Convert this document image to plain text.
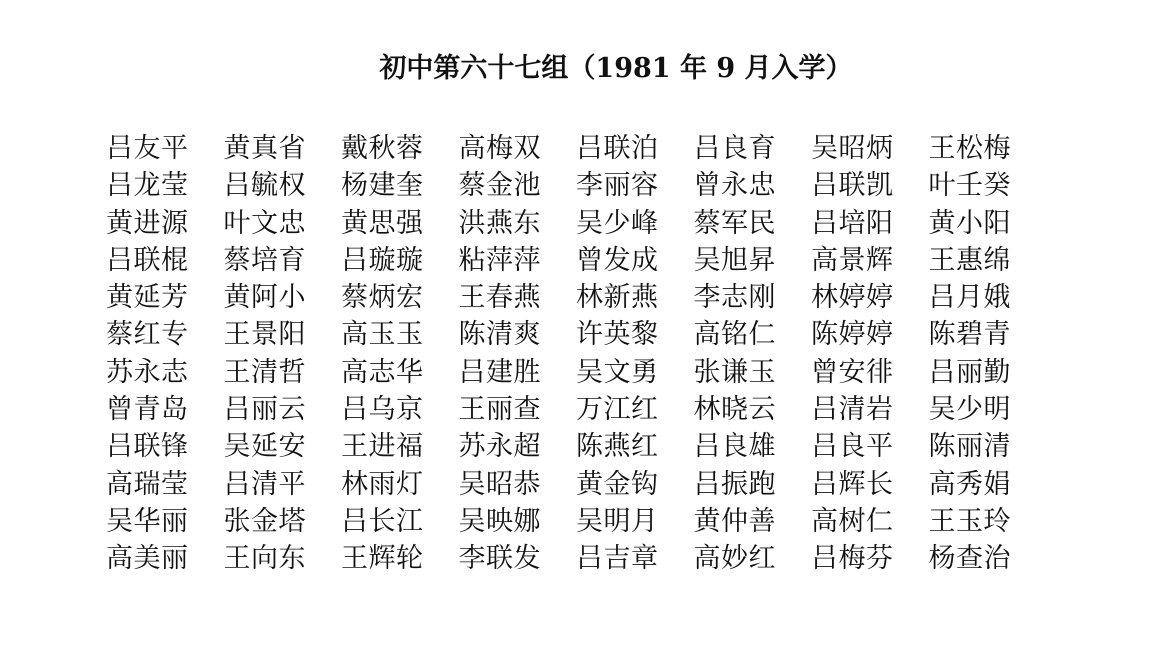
初中第六十七组（1981 年 9 月入学）
吕友平	黄真省	戴秋蓉	高梅双	吕联泊	吕良育	吴昭炳	王松梅
吕龙莹	吕毓权	杨建奎	蔡金池	李丽容	曾永忠	吕联凯	叶壬癸
黄进源	叶文忠	黄思强	洪燕东	吴少峰	蔡军民	吕培阳	黄小阳
吕联棍	蔡培育	吕璇璇	粘萍萍	曾发成	吴旭昇	高景辉	王惠绵
黄延芳	黄阿小	蔡炳宏	王春燕	林新燕	李志刚	林婷婷	吕月娥
蔡红专	王景阳	高玉玉	陈清爽	许英黎	高铭仁	陈婷婷	陈碧青
苏永志	王清哲	高志华	吕建胜	吴文勇	张谦玉	曾安徘	吕丽勤
曾青岛	吕丽云	吕乌京	王丽查	万江红	林晓云	吕清岩	吴少明
吕联锋	吴延安	王进福	苏永超	陈燕红	吕良雄	吕良平	陈丽清
高瑞莹	吕清平	林雨灯	吴昭恭	黄金钩	吕振跑	吕辉长	高秀娟
吴华丽	张金塔	吕长江	吴映娜	吴明月	黄仲善	高树仁	王玉玲
高美丽	王向东	王辉轮	李联发	吕吉章	高妙红	吕梅芬	杨查治
